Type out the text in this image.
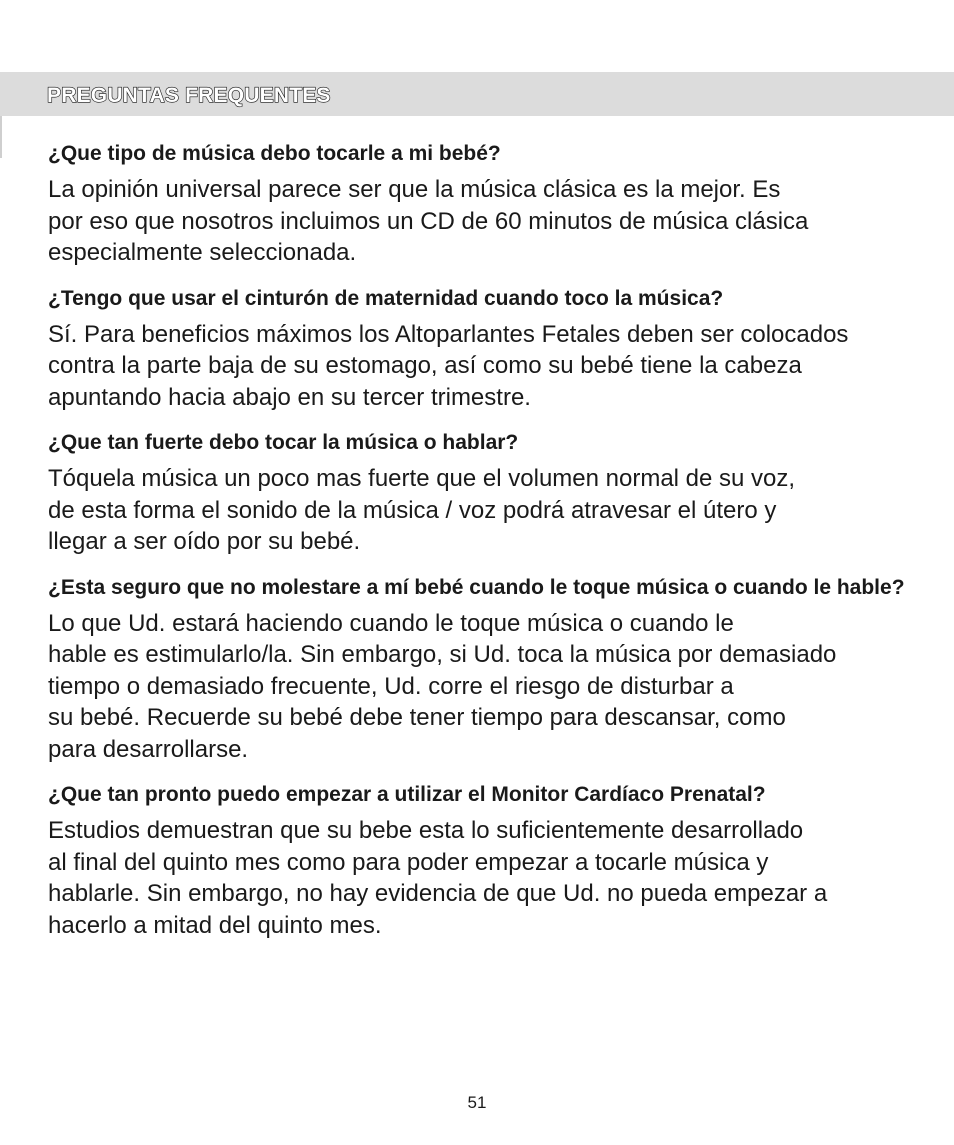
PREGUNTAS FREQUENTES
¿Que tipo de música debo tocarle a mi bebé?

La opinión universal parece ser que la música clásica es la mejor. Es
por eso que nosotros incluimos un CD de 60 minutos de música clásica
especialmente seleccionada.

¿Tengo que usar el cinturón de maternidad cuando toco la música?

Sí. Para beneficios máximos los Altoparlantes Fetales deben ser colocados
contra la parte baja de su estomago, así como su bebé tiene la cabeza
apuntando hacia abajo en su tercer trimestre.

¿Que tan fuerte debo tocar la música o hablar?

Tóquela música un poco mas fuerte que el volumen normal de su voz,
de esta forma el sonido de la música / voz podrá atravesar el útero y
llegar a ser oído por su bebé.

¿Esta seguro que no molestare a mí bebé cuando le toque música o cuando le hable?

Lo que Ud. estará haciendo cuando le toque música o cuando le
hable es estimularlo/la. Sin embargo, si Ud. toca la música por demasiado
tiempo o demasiado frecuente, Ud. corre el riesgo de disturbar a
su bebé. Recuerde su bebé debe tener tiempo para descansar, como
para desarrollarse.

¿Que tan pronto puedo empezar a utilizar el Monitor Cardíaco Prenatal?

Estudios demuestran que su bebe esta lo suficientemente desarrollado
al final del quinto mes como para poder empezar a tocarle música y
hablarle. Sin embargo, no hay evidencia de que Ud. no pueda empezar a
hacerlo a mitad del quinto mes.

51
